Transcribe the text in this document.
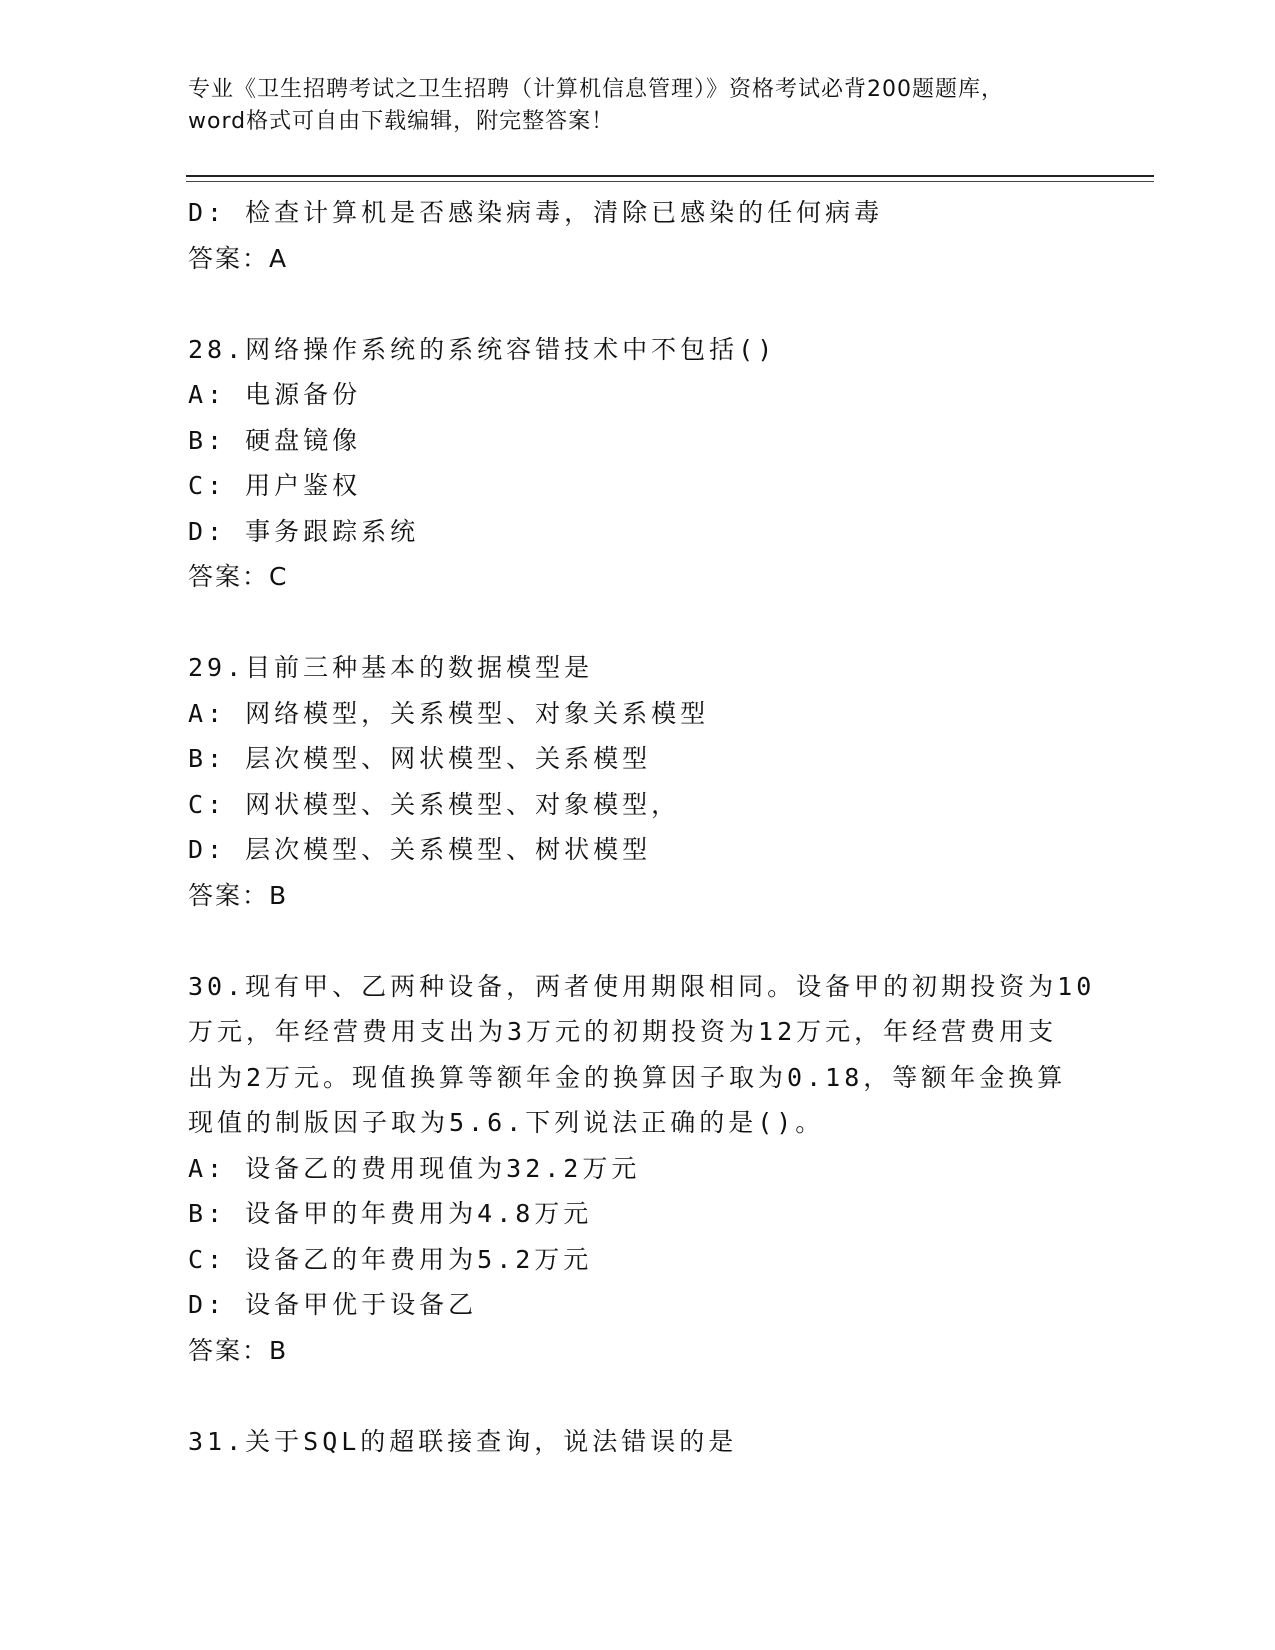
专业《卫生招聘考试之卫生招聘（计算机信息管理）》资格考试必背200题题库，
word格式可自由下载编辑，附完整答案！
D: 检查计算机是否感染病毒，清除已感染的任何病毒
答案：A
28.网络操作系统的系统容错技术中不包括()
A: 电源备份
B: 硬盘镜像
C: 用户鉴权
D: 事务跟踪系统
答案：C
29.目前三种基本的数据模型是
A: 网络模型，关系模型、对象关系模型
B: 层次模型、网状模型、关系模型
C: 网状模型、关系模型、对象模型，
D: 层次模型、关系模型、树状模型
答案：B
30.现有甲、乙两种设备，两者使用期限相同。设备甲的初期投资为10
万元，年经营费用支出为3万元的初期投资为12万元，年经营费用支
出为2万元。现值换算等额年金的换算因子取为0.18，等额年金换算
现值的制版因子取为5.6.下列说法正确的是()。
A: 设备乙的费用现值为32.2万元
B: 设备甲的年费用为4.8万元
C: 设备乙的年费用为5.2万元
D: 设备甲优于设备乙
答案：B
31.关于SQL的超联接查询，说法错误的是
